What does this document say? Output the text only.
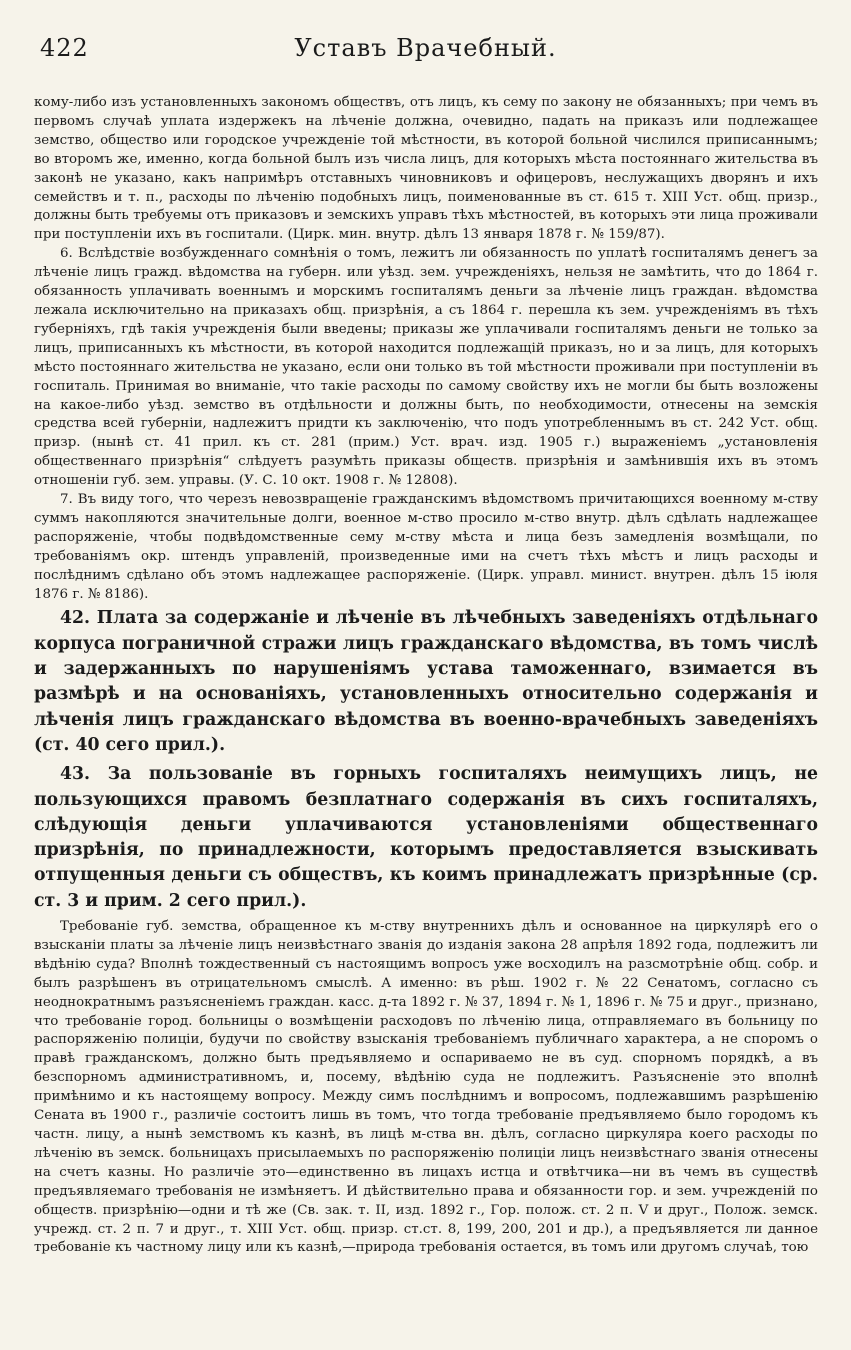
422	Уставъ Врачебный.

кому-либо изъ установленныхъ закономъ обществъ, отъ лицъ, къ сему по закону не обязанныхъ; при чемъ въ первомъ случаѣ уплата издержекъ на лѣченіе должна, очевидно, падать на приказъ или подлежащее земство, общество или городское учрежденіе той мѣстности, въ которой больной числился приписаннымъ; во второмъ же, именно, когда больной былъ изъ числа лицъ, для которыхъ мѣста постояннаго жительства въ законѣ не указано, какъ напримѣръ отставныхъ чиновниковъ и офицеровъ, неслужащихъ дворянъ и ихъ семействъ и т. п., расходы по лѣченію подобныхъ лицъ, поименованные въ ст. 615 т. XIII Уст. общ. призр., должны быть требуемы отъ приказовъ и земскихъ управъ тѣхъ мѣстностей, въ которыхъ эти лица проживали при поступленіи ихъ въ госпитали. (Цирк. мин. внутр. дѣлъ 13 января 1878 г. № 159/87).

6. Вслѣдствіе возбужденнаго сомнѣнія о томъ, лежитъ ли обязанность по уплатѣ госпиталямъ денегъ за лѣченіе лицъ гражд. вѣдомства на губерн. или уѣзд. зем. учрежденіяхъ, нельзя не замѣтить, что до 1864 г. обязанность уплачивать военнымъ и морскимъ госпиталямъ деньги за лѣченіе лицъ граждан. вѣдомства лежала исключительно на приказахъ общ. призрѣнія, а съ 1864 г. перешла къ зем. учрежденіямъ въ тѣхъ губерніяхъ, гдѣ такія учрежденія были введены; приказы же уплачивали госпиталямъ деньги не только за лицъ, приписанныхъ къ мѣстности, въ которой находится подлежащій приказъ, но и за лицъ, для которыхъ мѣсто постояннаго жительства не указано, если они только въ той мѣстности проживали при поступленіи въ госпиталь. Принимая во вниманіе, что такіе расходы по самому свойству ихъ не могли бы быть возложены на какое-либо уѣзд. земство въ отдѣльности и должны быть, по необходимости, отнесены на земскія средства всей губерніи, надлежитъ придти къ заключенію, что подъ употребленнымъ въ ст. 242 Уст. общ. призр. (нынѣ ст. 41 прил. къ ст. 281 (прим.) Уст. врач. изд. 1905 г.) выраженіемъ „установленія общественнаго призрѣнія“ слѣдуетъ разумѣть приказы обществ. призрѣнія и замѣнившія ихъ въ этомъ отношеніи губ. зем. управы. (У. С. 10 окт. 1908 г. № 12808).

7. Въ виду того, что черезъ невозвращеніе гражданскимъ вѣдомствомъ причитающихся военному м-ству суммъ накопляются значительные долги, военное м-ство просило м-ство внутр. дѣлъ сдѣлать надлежащее распоряженіе, чтобы подвѣдомственные сему м-ству мѣста и лица безъ замедленія возмѣщали, по требованіямъ окр. штендъ управленій, произведенные ими на счетъ тѣхъ мѣстъ и лицъ расходы и послѣднимъ сдѣлано объ этомъ надлежащее распоряженіе. (Цирк. управл. минист. внутрен. дѣлъ 15 іюля 1876 г. № 8186).

42. Плата за содержаніе и лѣченіе въ лѣчебныхъ заведеніяхъ отдѣльнаго корпуса пограничной стражи лицъ гражданскаго вѣдомства, въ томъ числѣ и задержанныхъ по нарушеніямъ устава таможеннаго, взимается въ размѣрѣ и на основаніяхъ, установленныхъ относительно содержанія и лѣченія лицъ гражданскаго вѣдомства въ военно-врачебныхъ заведеніяхъ (ст. 40 сего прил.).

43. За пользованіе въ горныхъ госпиталяхъ неимущихъ лицъ, не пользующихся правомъ безплатнаго содержанія въ сихъ госпиталяхъ, слѣдующія деньги уплачиваются установленіями общественнаго призрѣнія, по принадлежности, которымъ предоставляется взыскивать отпущенныя деньги съ обществъ, къ коимъ принадлежатъ призрѣнные (ср. ст. 3 и прим. 2 сего прил.).

Требованіе губ. земства, обращенное къ м-ству внутреннихъ дѣлъ и основанное на циркулярѣ его о взысканіи платы за лѣченіе лицъ неизвѣстнаго званія до изданія закона 28 апрѣля 1892 года, подлежитъ ли вѣдѣнію суда? Вполнѣ тождественный съ настоящимъ вопросъ уже восходилъ на разсмотрѣніе общ. собр. и былъ разрѣшенъ въ отрицательномъ смыслѣ. А именно: въ рѣш. 1902 г. № 22 Сенатомъ, согласно съ неоднократнымъ разъясненіемъ граждан. касс. д-та 1892 г. № 37, 1894 г. № 1, 1896 г. № 75 и друг., признано, что требованіе город. больницы о возмѣщеніи расходовъ по лѣченію лица, отправляемаго въ больницу по распоряженію полиціи, будучи по свойству взысканія требованіемъ публичнаго характера, а не споромъ о правѣ гражданскомъ, должно быть предъявляемо и оспариваемо не въ суд. спорномъ порядкѣ, а въ безспорномъ административномъ, и, посему, вѣдѣнію суда не подлежитъ. Разъясненіе это вполнѣ примѣнимо и къ настоящему вопросу. Между симъ послѣднимъ и вопросомъ, подлежавшимъ разрѣшенію Сената въ 1900 г., различіе состоитъ лишь въ томъ, что тогда требованіе предъявляемо было городомъ къ частн. лицу, а нынѣ земствомъ къ казнѣ, въ лицѣ м-ства вн. дѣлъ, согласно циркуляра коего расходы по лѣченію въ земск. больницахъ присылаемыхъ по распоряженію полиціи лицъ неизвѣстнаго званія отнесены на счетъ казны. Но различіе это—единственно въ лицахъ истца и отвѣтчика—ни въ чемъ въ существѣ предъявляемаго требованія не измѣняетъ. И дѣйствительно права и обязанности гор. и зем. учрежденій по обществ. призрѣнію—одни и тѣ же (Св. зак. т. II, изд. 1892 г., Гор. полож. ст. 2 п. V и друг., Полож. земск. учрежд. ст. 2 п. 7 и друг., т. XIII Уст. общ. призр. ст.ст. 8, 199, 200, 201 и др.), а предъявляется ли данное требованіе къ частному лицу или къ казнѣ,—природа требованія остается, въ томъ или другомъ случаѣ, тою
